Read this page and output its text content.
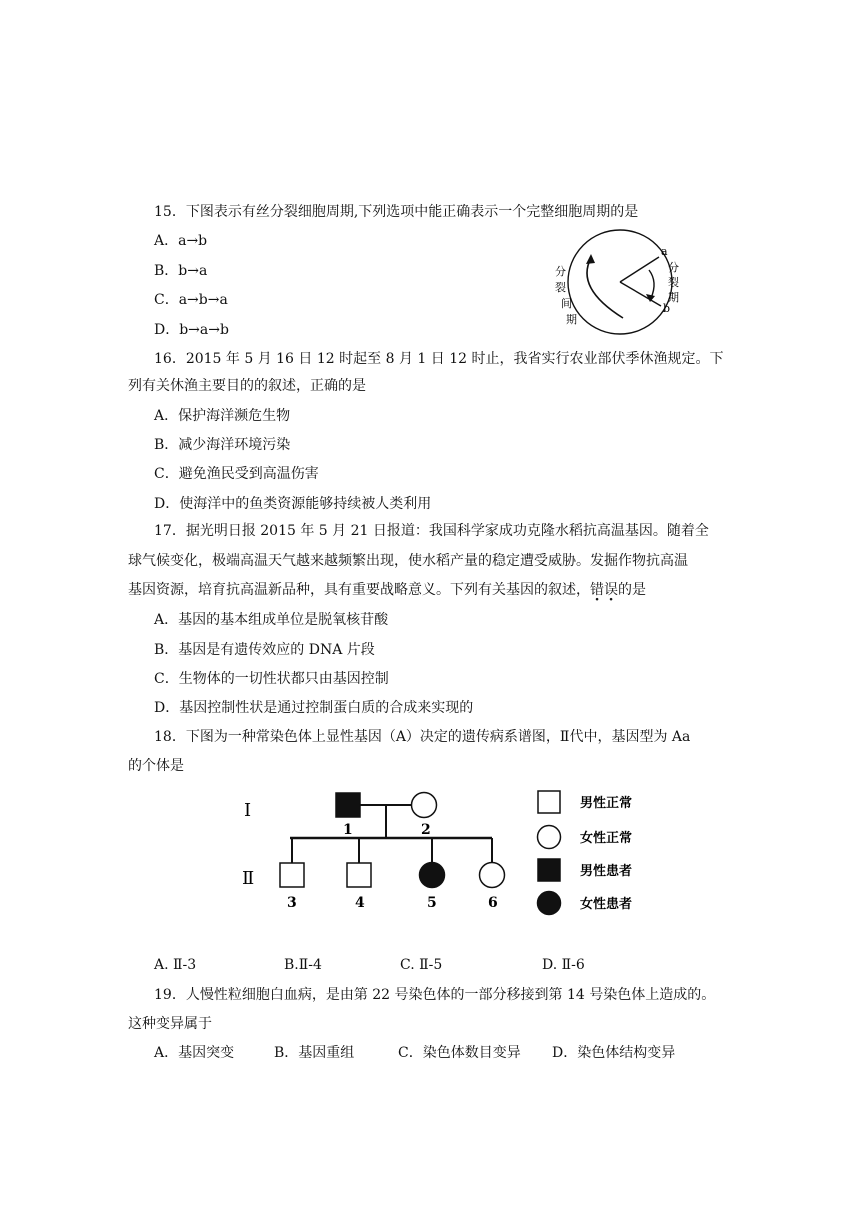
15．下图表示有丝分裂细胞周期,下列选项中能正确表示一个完整细胞周期的是
A．a→b
B．b→a
C．a→b→a
D．b→a→b
a
b
分
裂
间
期
分
裂
期
16．2015 年 5 月 16 日 12 时起至 8 月 1 日 12 时止，我省实行农业部伏季休渔规定。下
列有关休渔主要目的的叙述，正确的是
A．保护海洋濒危生物
B．减少海洋环境污染
C．避免渔民受到高温伤害
D．使海洋中的鱼类资源能够持续被人类利用
17．据光明日报 2015 年 5 月 21 日报道：我国科学家成功克隆水稻抗高温基因。随着全
球气候变化，极端高温天气越来越频繁出现，使水稻产量的稳定遭受威胁。发掘作物抗高温
基因资源，培育抗高温新品种，具有重要战略意义。下列有关基因的叙述，错误的是
A．基因的基本组成单位是脱氧核苷酸
B．基因是有遗传效应的 DNA 片段
C．生物体的一切性状都只由基因控制
D．基因控制性状是通过控制蛋白质的合成来实现的
18．下图为一种常染色体上显性基因（A）决定的遗传病系谱图，Ⅱ代中，基因型为 Aa
的个体是
Ⅰ
Ⅱ
1	2
3	4	5	6
男性正常
女性正常
男性患者
女性患者
A. Ⅱ-3	B.Ⅱ-4	C. Ⅱ-5	D. Ⅱ-6
19．人慢性粒细胞白血病，是由第 22 号染色体的一部分移接到第 14 号染色体上造成的。
这种变异属于
A．基因突变	B．基因重组	C．染色体数目变异 D．染色体结构变异
